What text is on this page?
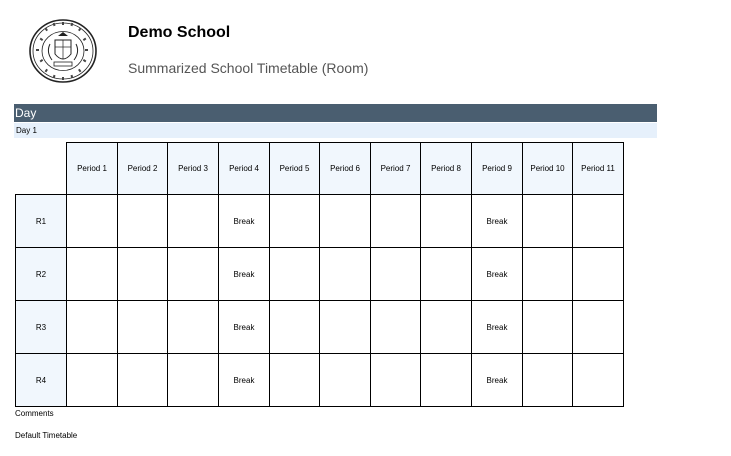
Demo School
Summarized School Timetable (Room)
Day
Day 1
	Period 1	Period 2	Period 3	Period 4	Period 5	Period 6	Period 7	Period 8	Period 9	Period 10	Period 11
R1				Break					Break		
R2				Break					Break		
R3				Break					Break		
R4				Break					Break		
Comments
Default Timetable
